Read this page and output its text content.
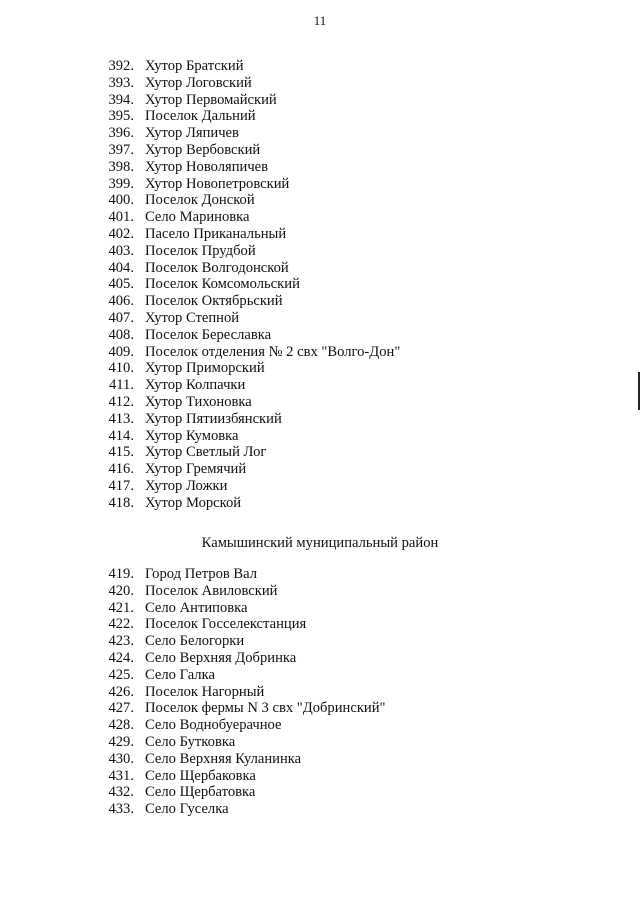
11
392. Хутор Братский
393. Хутор Логовский
394. Хутор Первомайский
395. Поселок Дальний
396. Хутор Ляпичев
397. Хутор Вербовский
398. Хутор Новоляпичев
399. Хутор Новопетровский
400. Поселок Донской
401. Село Мариновка
402. Пасело Приканальный
403. Поселок Прудбой
404. Поселок Волгодонской
405. Поселок Комсомольский
406. Поселок Октябрьский
407. Хутор Степной
408. Поселок Береславка
409. Поселок отделения № 2 свх "Волго-Дон"
410. Хутор Приморский
411. Хутор Колпачки
412. Хутор Тихоновка
413. Хутор Пятиизбянский
414. Хутор Кумовка
415. Хутор Светлый Лог
416. Хутор Гремячий
417. Хутор Ложки
418. Хутор Морской
Камышинский муниципальный район
419. Город Петров Вал
420. Поселок Авиловский
421. Село Антиповка
422. Поселок Госселекстанция
423. Село Белогорки
424. Село Верхняя Добринка
425. Село Галка
426. Поселок Нагорный
427. Поселок фермы N 3 свх "Добринский"
428. Село Воднобуерачное
429. Село Бутковка
430. Село Верхняя Куланинка
431. Село Щербаковка
432. Село Щербатовка
433. Село Гуселка
